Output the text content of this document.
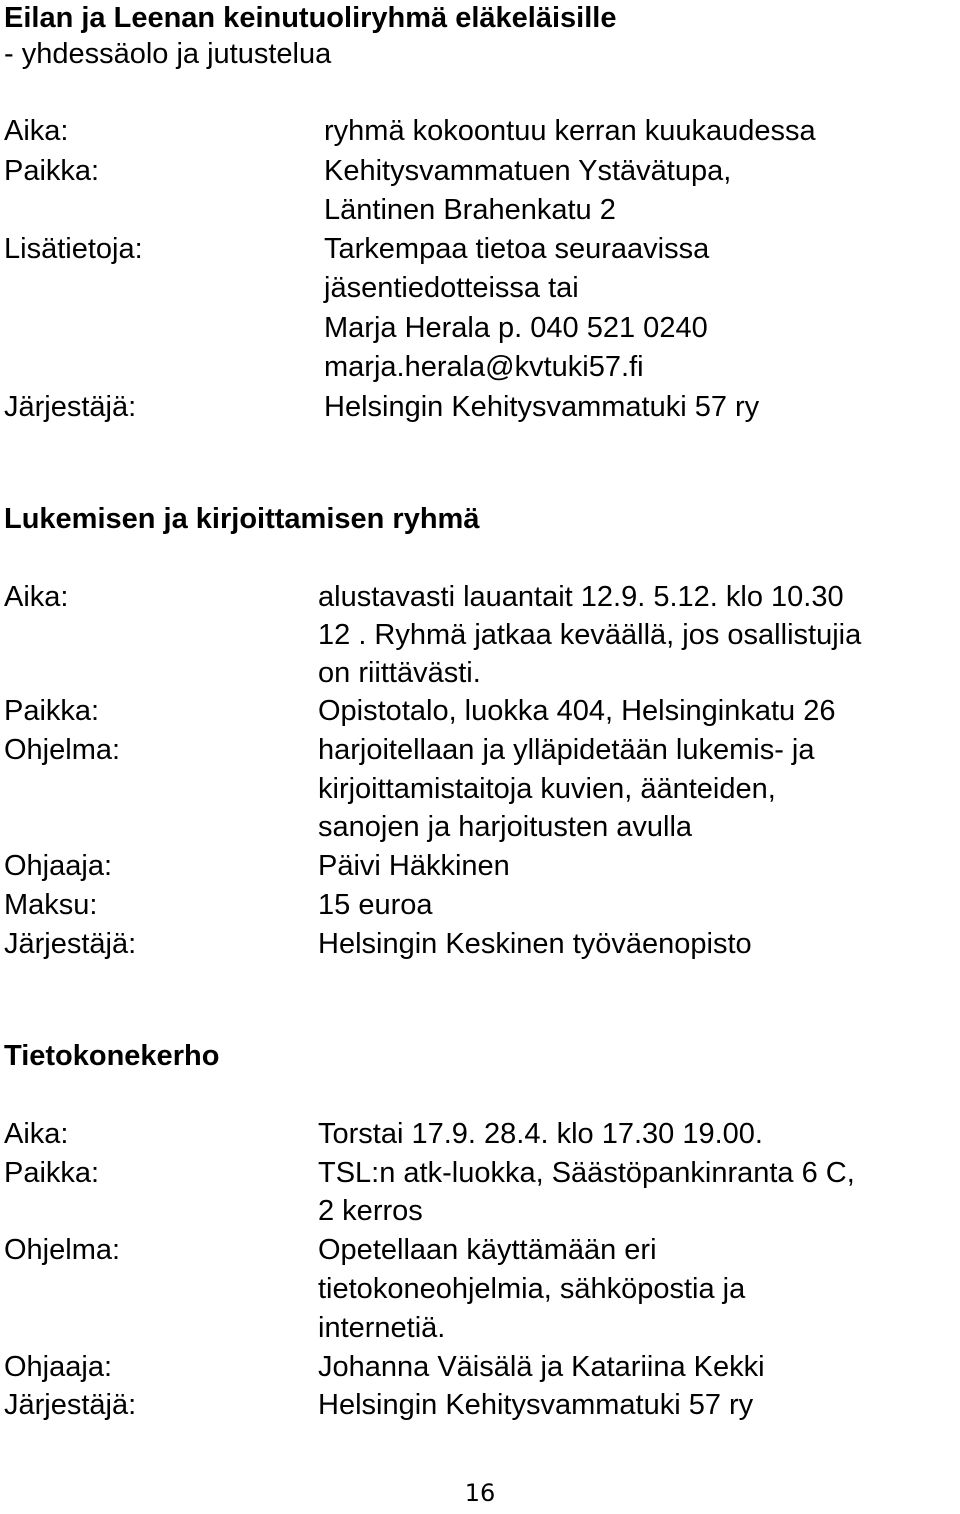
Eilan ja Leenan keinutuoliryhmä eläkeläisille
- yhdessäolo ja jutustelua
Aika:	ryhmä kokoontuu kerran kuukaudessa
Paikka:	Kehitysvammatuen Ystävätupa,
Läntinen Brahenkatu 2
Lisätietoja:	Tarkempaa tietoa seuraavissa
jäsentiedotteissa tai
Marja Herala p. 040 521 0240
marja.herala@kvtuki57.fi
Järjestäjä:	Helsingin Kehitysvammatuki 57 ry
Lukemisen ja kirjoittamisen ryhmä
Aika:	alustavasti lauantait 12.9. 5.12. klo 10.30
12 . Ryhmä jatkaa keväällä, jos osallistujia
on riittävästi.
Paikka:	Opistotalo, luokka 404, Helsinginkatu 26
Ohjelma:	harjoitellaan ja ylläpidetään lukemis- ja
kirjoittamistaitoja kuvien, äänteiden,
sanojen ja harjoitusten avulla
Ohjaaja:	Päivi Häkkinen
Maksu:	15 euroa
Järjestäjä:	Helsingin Keskinen työväenopisto
Tietokonekerho
Aika:	Torstai 17.9. 28.4. klo 17.30 19.00.
Paikka:	TSL:n atk-luokka, Säästöpankinranta 6 C,
2 kerros
Ohjelma:	Opetellaan käyttämään eri
tietokoneohjelmia, sähköpostia ja
internetiä.
Ohjaaja:	Johanna Väisälä ja Katariina Kekki
Järjestäjä:	Helsingin Kehitysvammatuki 57 ry
16
